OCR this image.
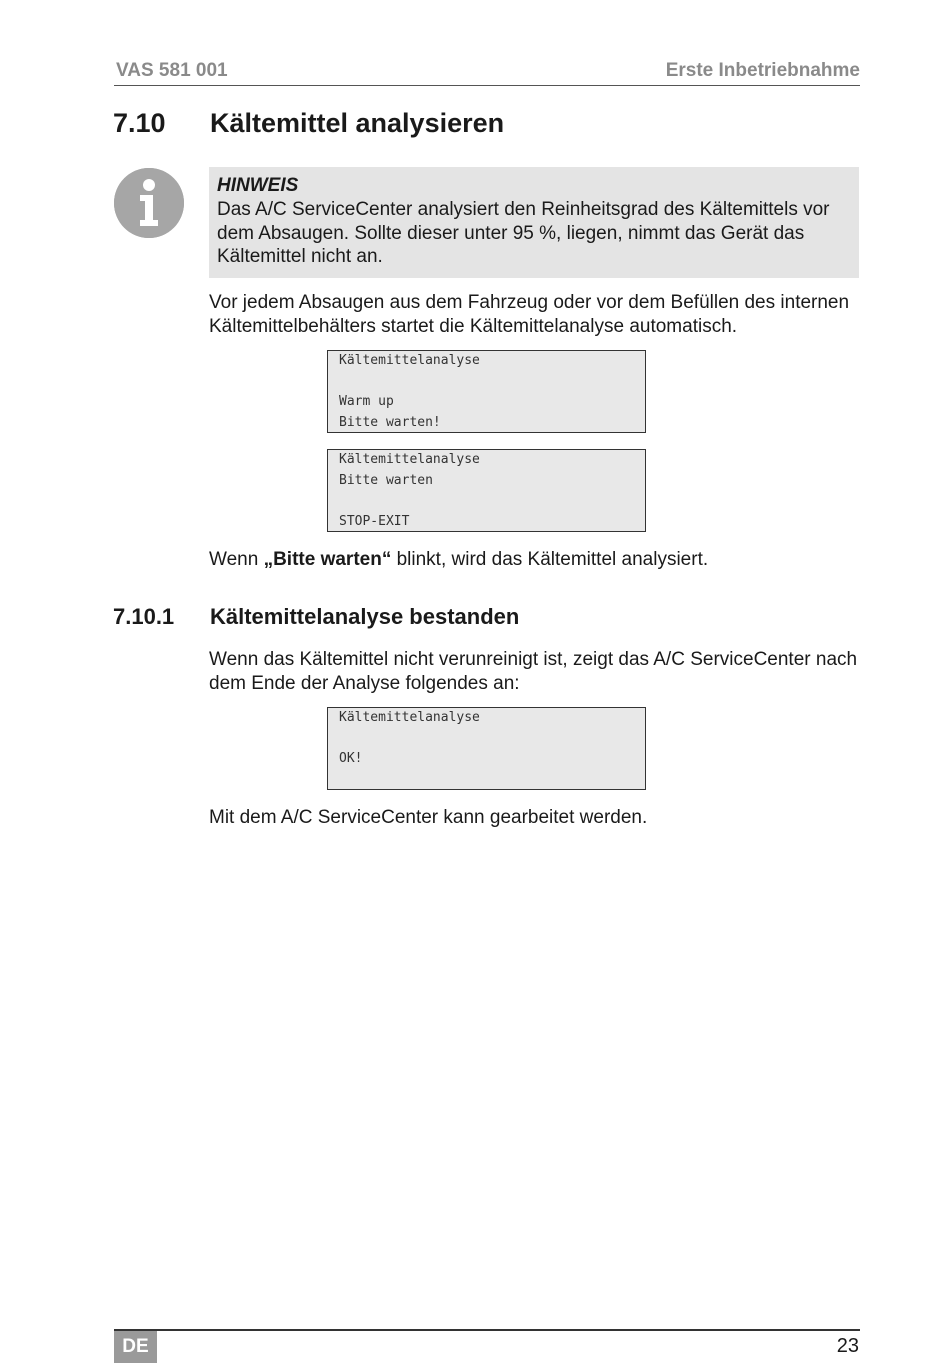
VAS 581 001	Erste Inbetriebnahme
7.10 Kältemittel analysieren
HINWEIS
Das A/C ServiceCenter analysiert den Reinheitsgrad des Kältemittels vor dem Absaugen. Sollte dieser unter 95 %, liegen, nimmt das Gerät das Kältemittel nicht an.
Vor jedem Absaugen aus dem Fahrzeug oder vor dem Befüllen des internen Kältemittelbehälters startet die Kältemittelanalyse automatisch.
Kältemittelanalyse
Warm up
Bitte warten!
Kältemittelanalyse
Bitte warten
STOP-EXIT
Wenn „Bitte warten“ blinkt, wird das Kältemittel analysiert.
7.10.1 Kältemittelanalyse bestanden
Wenn das Kältemittel nicht verunreinigt ist, zeigt das A/C ServiceCenter nach dem Ende der Analyse folgendes an:
Kältemittelanalyse
OK!
Mit dem A/C ServiceCenter kann gearbeitet werden.
DE	23
